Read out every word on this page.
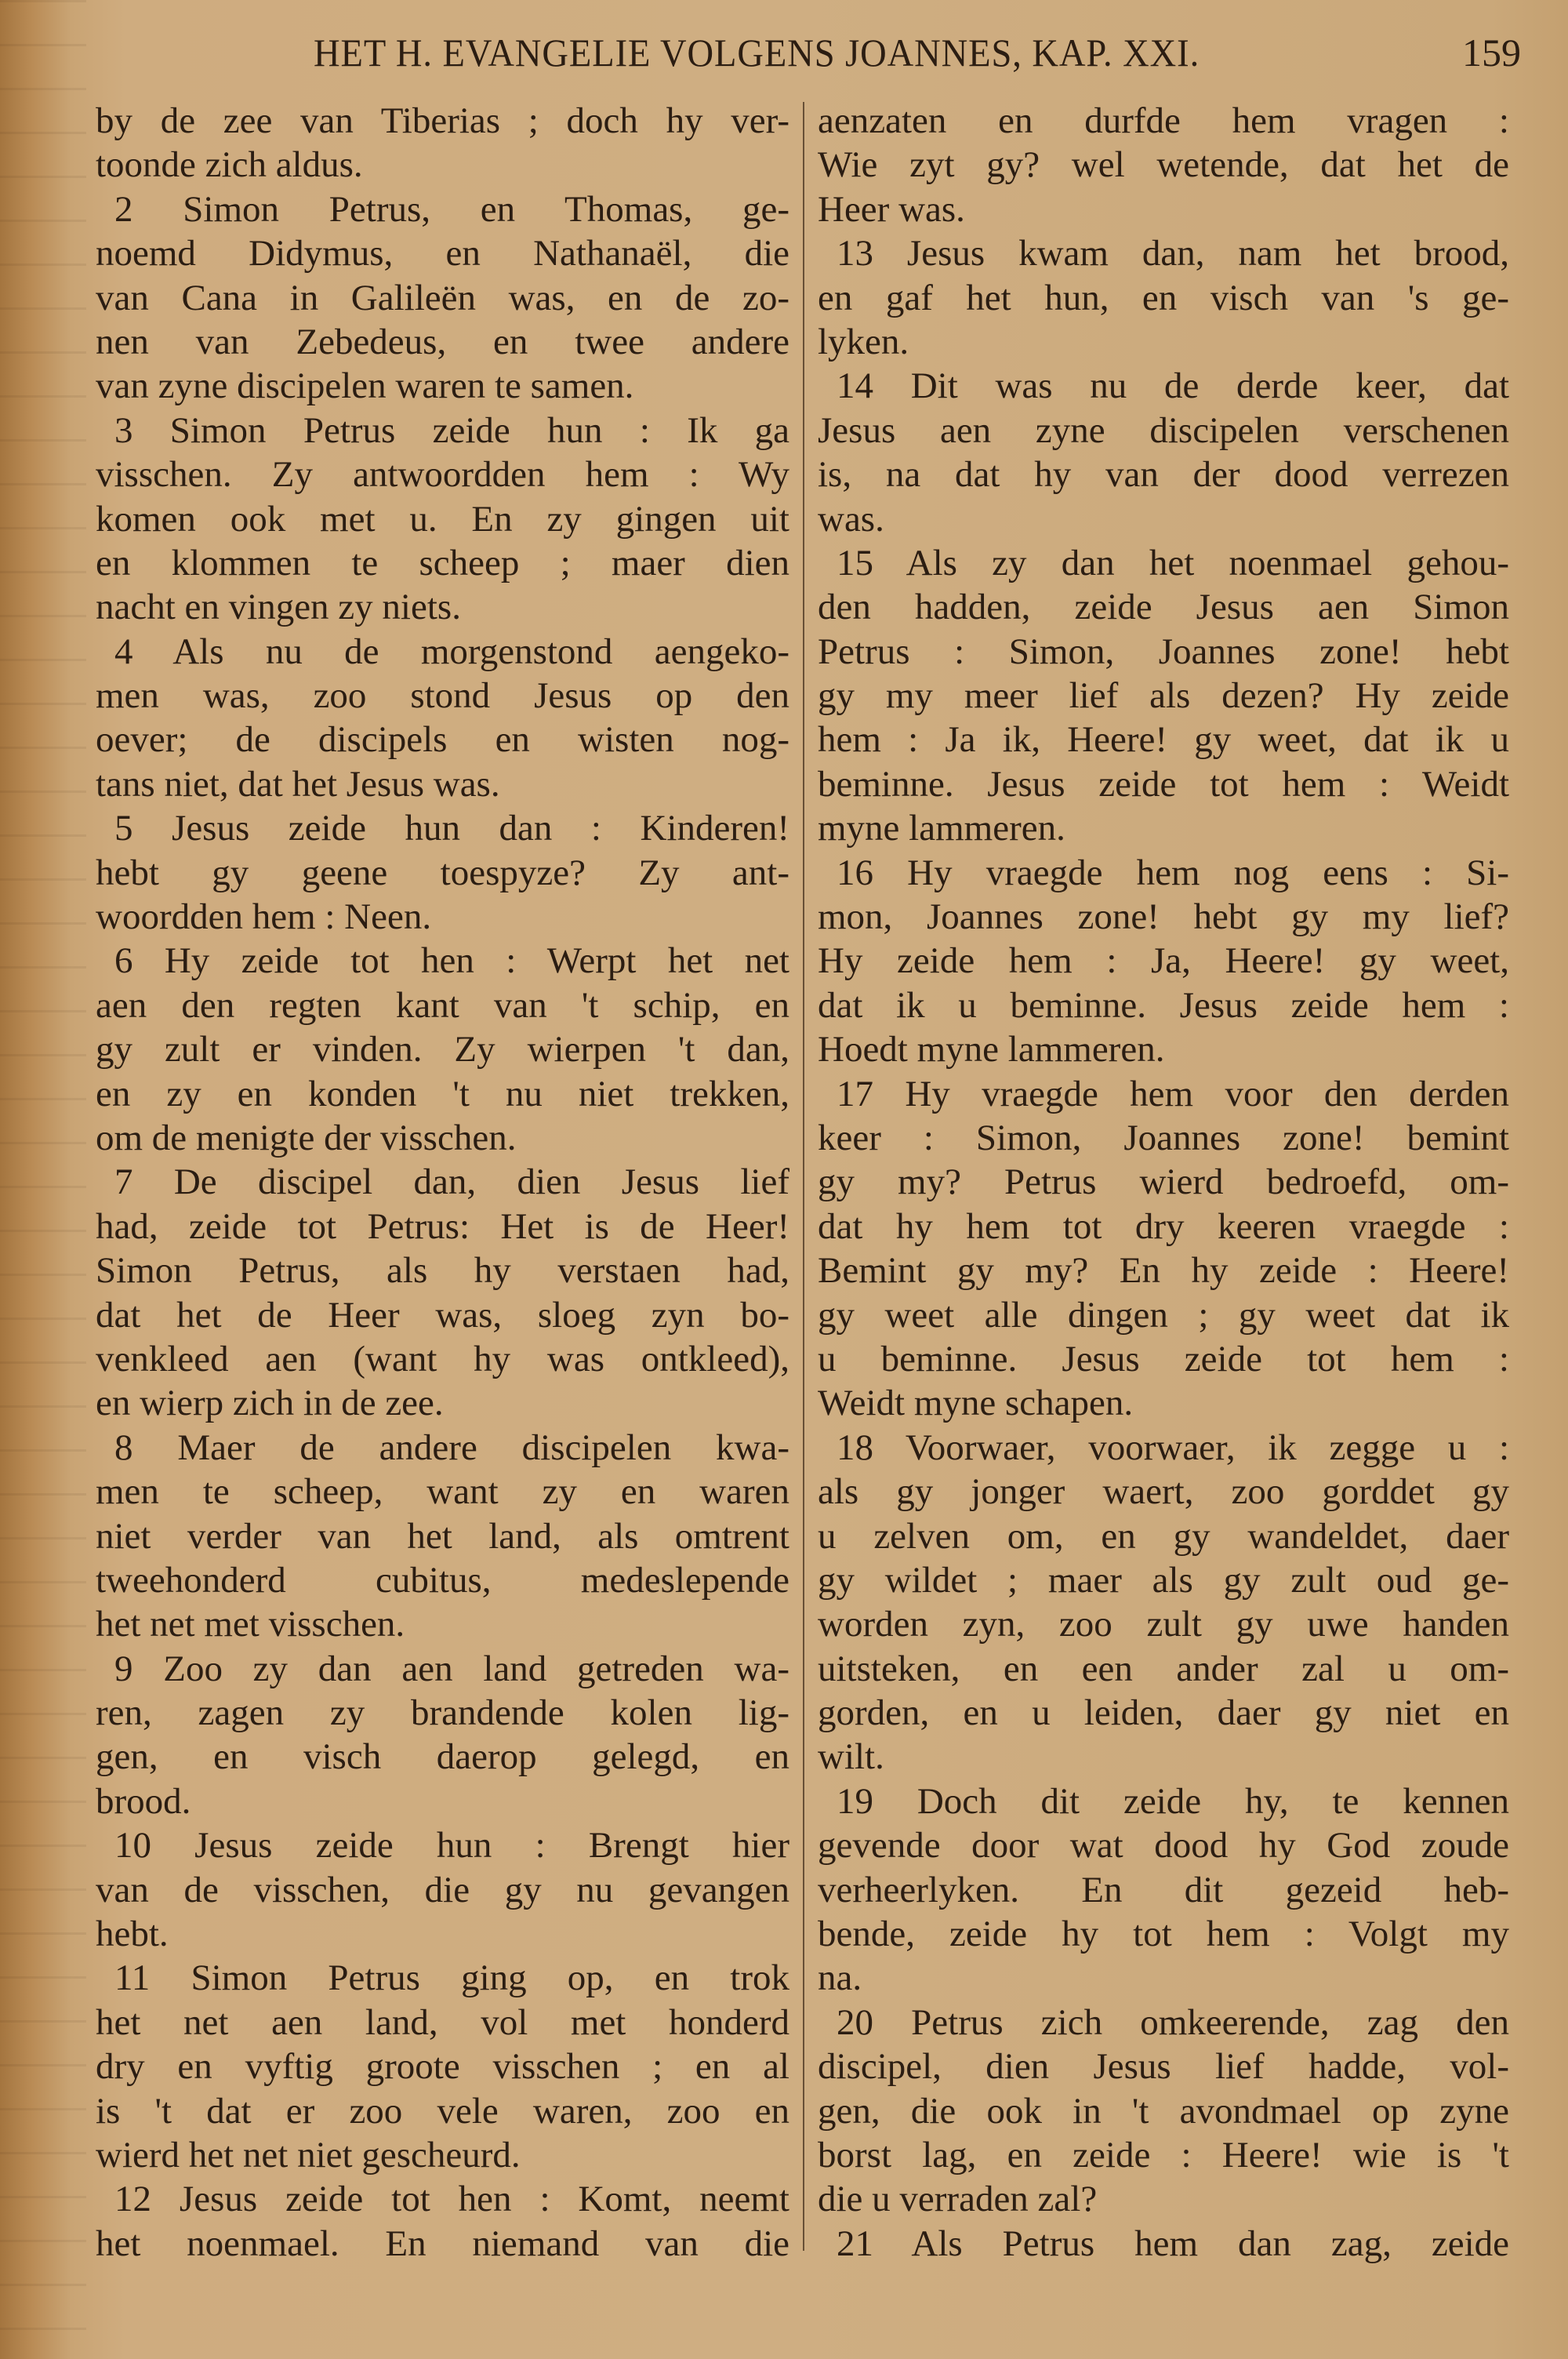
HET H. EVANGELIE VOLGENS JOANNES, KAP. XXI.	159
by de zee van Tiberias ; doch hy ver-
toonde zich aldus.
2 Simon Petrus, en Thomas, ge-
noemd Didymus, en Nathanaël, die
van Cana in Galileën was, en de zo-
nen van Zebedeus, en twee andere
van zyne discipelen waren te samen.
3 Simon Petrus zeide hun : Ik ga
visschen. Zy antwoordden hem : Wy
komen ook met u. En zy gingen uit
en klommen te scheep ; maer dien
nacht en vingen zy niets.
4 Als nu de morgenstond aengeko-
men was, zoo stond Jesus op den
oever; de discipels en wisten nog-
tans niet, dat het Jesus was.
5 Jesus zeide hun dan : Kinderen!
hebt gy geene toespyze? Zy ant-
woordden hem : Neen.
6 Hy zeide tot hen : Werpt het net
aen den regten kant van 't schip, en
gy zult er vinden. Zy wierpen 't dan,
en zy en konden 't nu niet trekken,
om de menigte der visschen.
7 De discipel dan, dien Jesus lief
had, zeide tot Petrus: Het is de Heer!
Simon Petrus, als hy verstaen had,
dat het de Heer was, sloeg zyn bo-
venkleed aen (want hy was ontkleed),
en wierp zich in de zee.
8 Maer de andere discipelen kwa-
men te scheep, want zy en waren
niet verder van het land, als omtrent
tweehonderd cubitus, medeslepende
het net met visschen.
9 Zoo zy dan aen land getreden wa-
ren, zagen zy brandende kolen lig-
gen, en visch daerop gelegd, en
brood.
10 Jesus zeide hun : Brengt hier
van de visschen, die gy nu gevangen
hebt.
11 Simon Petrus ging op, en trok
het net aen land, vol met honderd
dry en vyftig groote visschen ; en al
is 't dat er zoo vele waren, zoo en
wierd het net niet gescheurd.
12 Jesus zeide tot hen : Komt, neemt
het noenmael. En niemand van die
aenzaten en durfde hem vragen :
Wie zyt gy? wel wetende, dat het de
Heer was.
13 Jesus kwam dan, nam het brood,
en gaf het hun, en visch van 's ge-
lyken.
14 Dit was nu de derde keer, dat
Jesus aen zyne discipelen verschenen
is, na dat hy van der dood verrezen
was.
15 Als zy dan het noenmael gehou-
den hadden, zeide Jesus aen Simon
Petrus : Simon, Joannes zone! hebt
gy my meer lief als dezen? Hy zeide
hem : Ja ik, Heere! gy weet, dat ik u
beminne. Jesus zeide tot hem : Weidt
myne lammeren.
16 Hy vraegde hem nog eens : Si-
mon, Joannes zone! hebt gy my lief?
Hy zeide hem : Ja, Heere! gy weet,
dat ik u beminne. Jesus zeide hem :
Hoedt myne lammeren.
17 Hy vraegde hem voor den derden
keer : Simon, Joannes zone! bemint
gy my? Petrus wierd bedroefd, om-
dat hy hem tot dry keeren vraegde :
Bemint gy my? En hy zeide : Heere!
gy weet alle dingen ; gy weet dat ik
u beminne. Jesus zeide tot hem :
Weidt myne schapen.
18 Voorwaer, voorwaer, ik zegge u :
als gy jonger waert, zoo gorddet gy
u zelven om, en gy wandeldet, daer
gy wildet ; maer als gy zult oud ge-
worden zyn, zoo zult gy uwe handen
uitsteken, en een ander zal u om-
gorden, en u leiden, daer gy niet en
wilt.
19 Doch dit zeide hy, te kennen
gevende door wat dood hy God zoude
verheerlyken. En dit gezeid heb-
bende, zeide hy tot hem : Volgt my
na.
20 Petrus zich omkeerende, zag den
discipel, dien Jesus lief hadde, vol-
gen, die ook in 't avondmael op zyne
borst lag, en zeide : Heere! wie is 't
die u verraden zal?
21 Als Petrus hem dan zag, zeide
